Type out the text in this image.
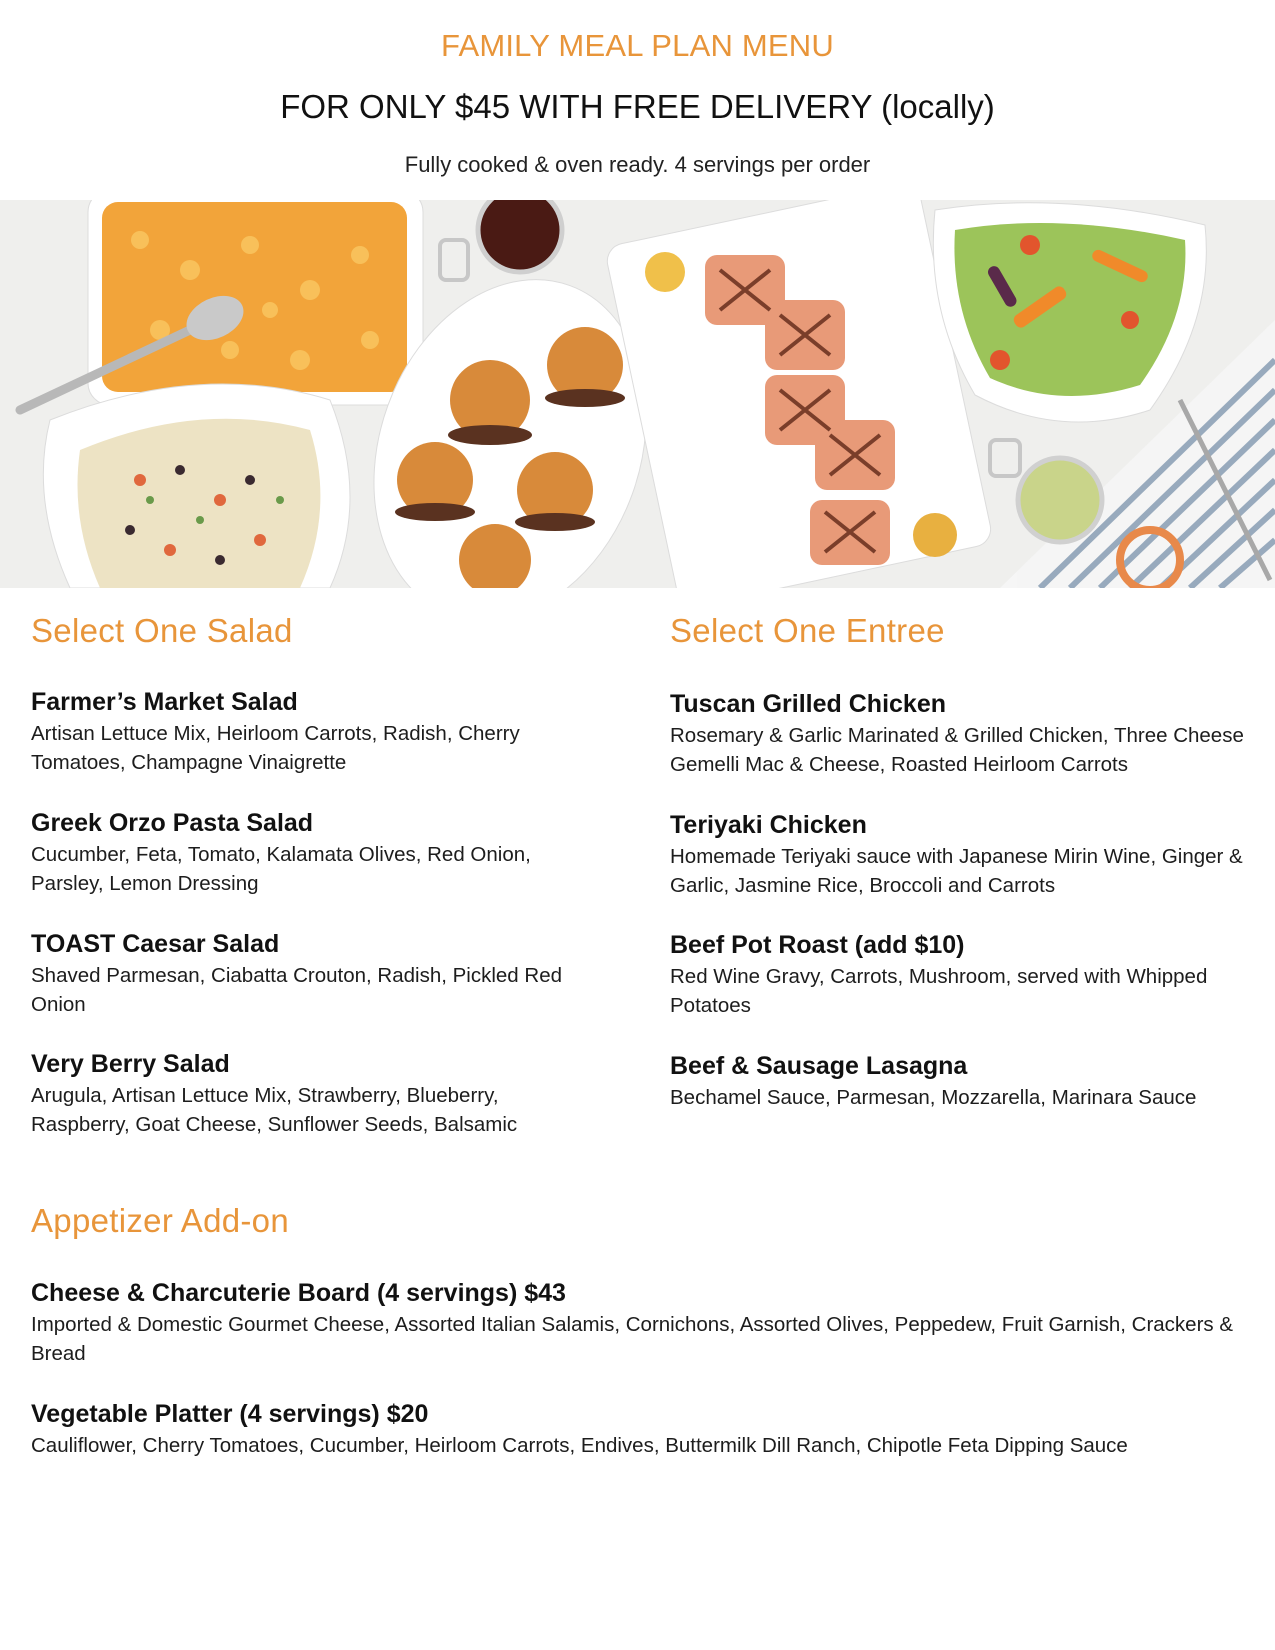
FAMILY MEAL PLAN MENU
FOR ONLY $45 WITH FREE DELIVERY (locally)
Fully cooked & oven ready. 4 servings per order
Select One Salad
Farmer’s Market Salad
Artisan Lettuce Mix, Heirloom Carrots, Radish, Cherry Tomatoes, Champagne Vinaigrette
Greek Orzo Pasta Salad
Cucumber, Feta, Tomato, Kalamata Olives, Red Onion, Parsley, Lemon Dressing
TOAST Caesar Salad
Shaved Parmesan, Ciabatta Crouton, Radish, Pickled Red Onion
Very Berry Salad
Arugula, Artisan Lettuce Mix, Strawberry, Blueberry, Raspberry, Goat Cheese, Sunflower Seeds, Balsamic
Select One Entree
Tuscan Grilled Chicken
Rosemary & Garlic Marinated & Grilled Chicken, Three Cheese Gemelli Mac & Cheese, Roasted Heirloom Carrots
Teriyaki Chicken
Homemade Teriyaki sauce with Japanese Mirin Wine, Ginger & Garlic, Jasmine Rice, Broccoli and Carrots
Beef Pot Roast (add $10)
Red Wine Gravy, Carrots, Mushroom, served with Whipped Potatoes
Beef & Sausage Lasagna
Bechamel Sauce, Parmesan, Mozzarella, Marinara Sauce
Appetizer Add-on
Cheese & Charcuterie Board (4 servings) $43
Imported & Domestic Gourmet Cheese, Assorted Italian Salamis, Cornichons, Assorted Olives, Peppedew, Fruit Garnish, Crackers & Bread
Vegetable Platter (4 servings) $20
Cauliflower, Cherry Tomatoes, Cucumber, Heirloom Carrots, Endives, Buttermilk Dill Ranch, Chipotle Feta Dipping Sauce
